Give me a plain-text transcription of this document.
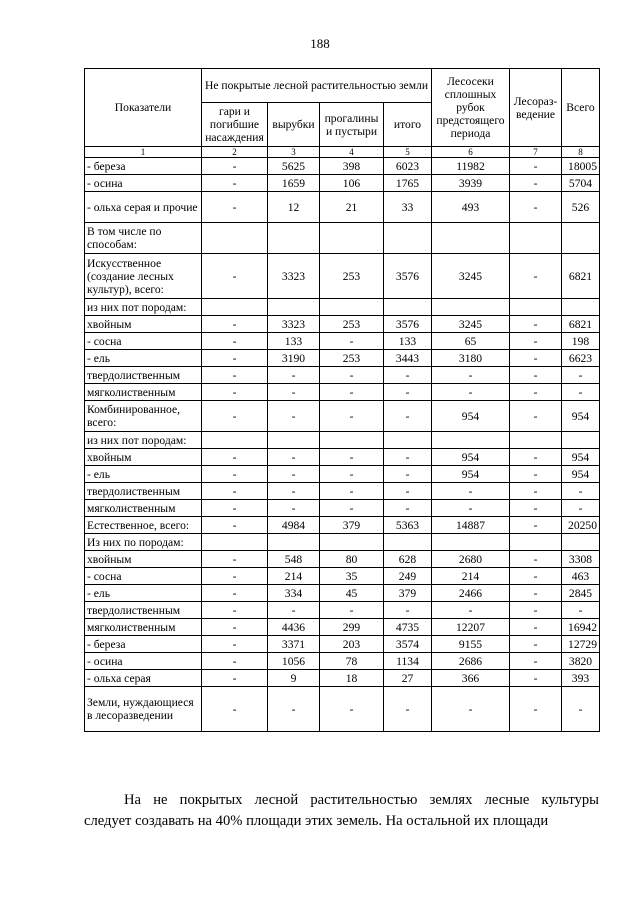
188
Показатели	Не покрытые лесной растительностью земли				Лесосеки сплошных рубок предстоящего периода	Лесораз-ведение	Всего
	гари и погибшие насаждения	вырубки	прогалины и пустыри	итого			
1	2	3	4	5	6	7	8
- береза	-	5625	398	6023	11982	-	18005
- осина	-	1659	106	1765	3939	-	5704
- ольха серая и прочие	-	12	21	33	493	-	526
В том числе по способам:							
Искусственное (создание лесных культур), всего:	-	3323	253	3576	3245	-	6821
из них пот породам:							
хвойным	-	3323	253	3576	3245	-	6821
- сосна	-	133	-	133	65	-	198
- ель	-	3190	253	3443	3180	-	6623
твердолиственным	-	-	-	-	-	-	-
мягколиственным	-	-	-	-	-	-	-
Комбинированное, всего:	-	-	-	-	954	-	954
из них пот породам:							
хвойным	-	-	-	-	954	-	954
- ель	-	-	-	-	954	-	954
твердолиственным	-	-	-	-	-	-	-
мягколиственным	-	-	-	-	-	-	-
Естественное, всего:	-	4984	379	5363	14887	-	20250
Из них по породам:							
хвойным	-	548	80	628	2680	-	3308
- сосна	-	214	35	249	214	-	463
- ель	-	334	45	379	2466	-	2845
твердолиственным	-	-	-	-	-	-	-
мягколиственным	-	4436	299	4735	12207	-	16942
- береза	-	3371	203	3574	9155	-	12729
- осина	-	1056	78	1134	2686	-	3820
- ольха серая	-	9	18	27	366	-	393
Земли, нуждающиеся в лесоразведении	-	-	-	-	-	-	-
На не покрытых лесной растительностью землях лесные культуры
следует создавать на 40% площади этих земель. На остальной их площади
